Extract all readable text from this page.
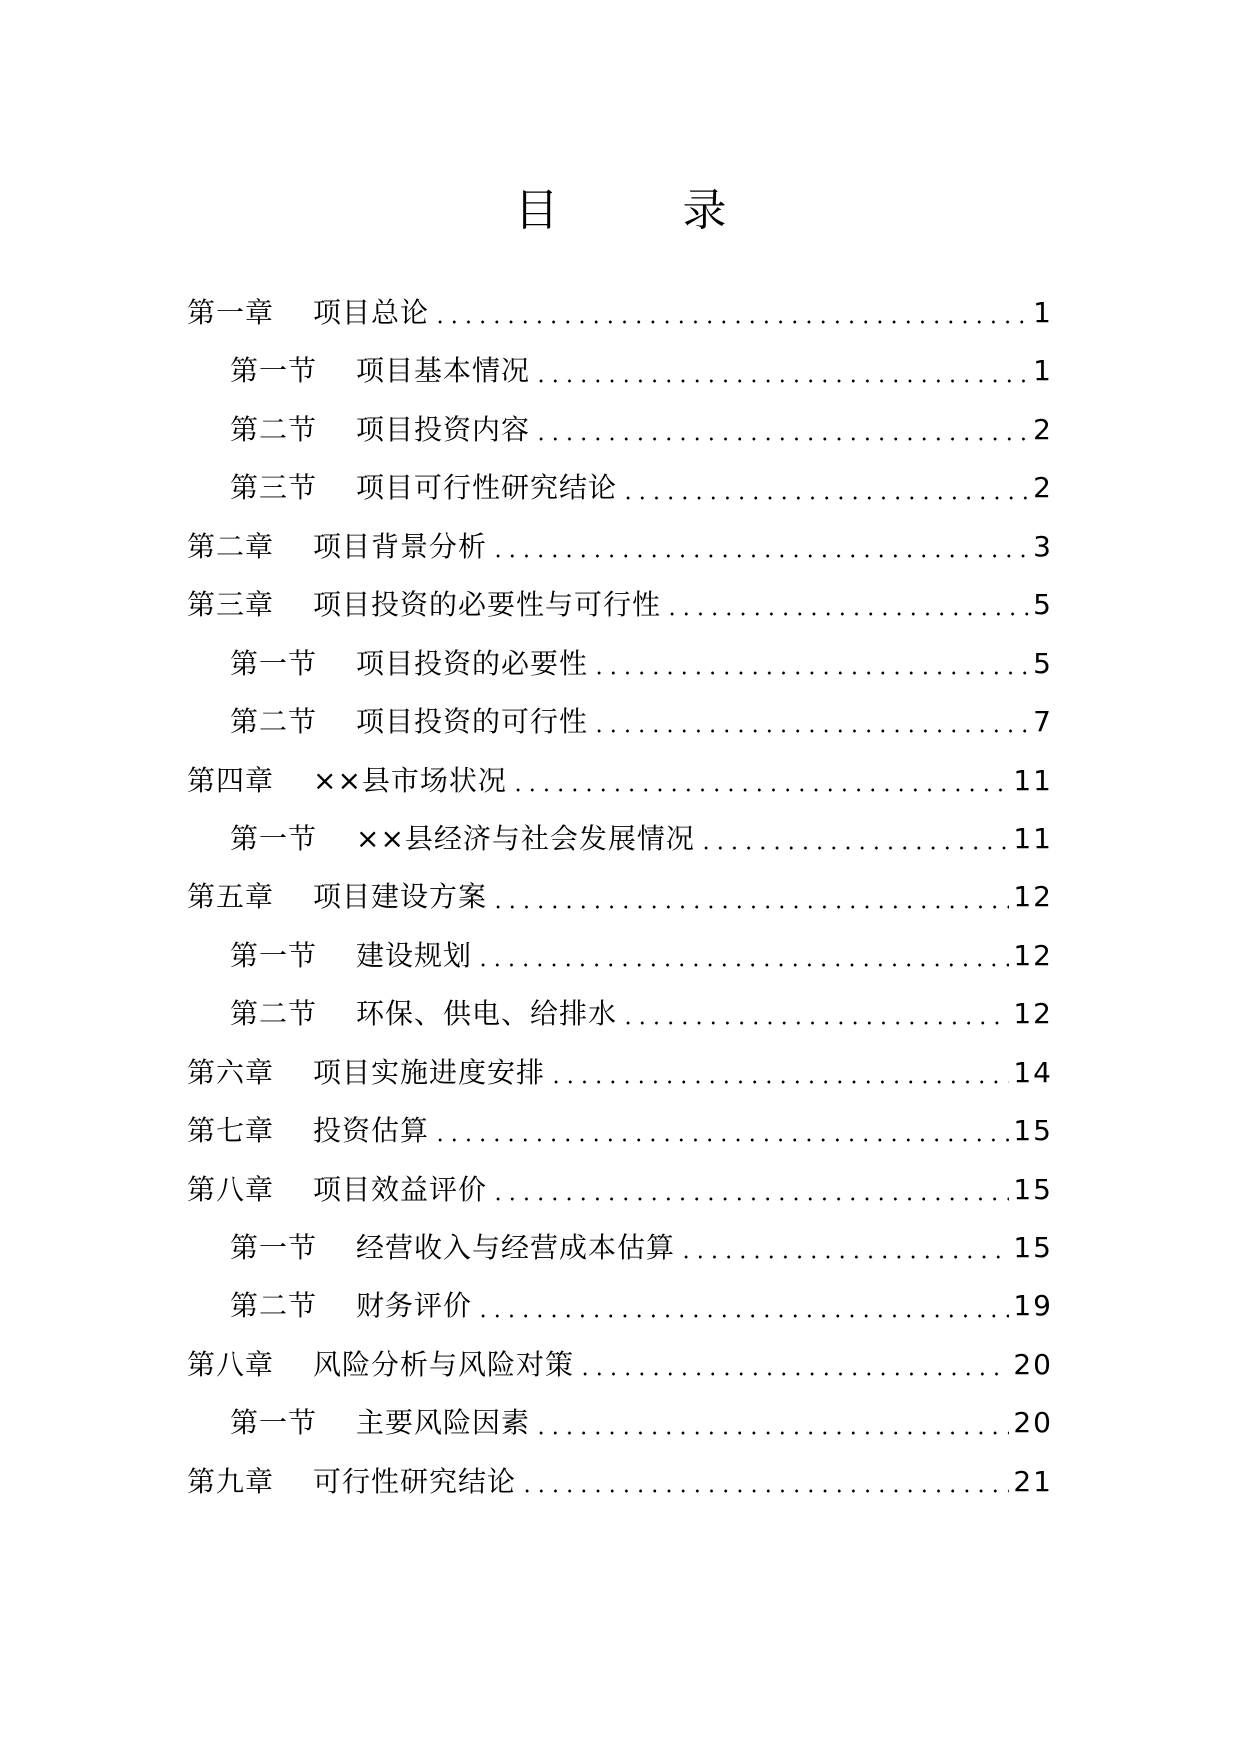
目　录
第一章	项目总论	1
第一节	项目基本情况	1
第二节	项目投资内容	2
第三节	项目可行性研究结论	2
第二章	项目背景分析	3
第三章	项目投资的必要性与可行性	5
第一节	项目投资的必要性	5
第二节	项目投资的可行性	7
第四章	××县市场状况	11
第一节	××县经济与社会发展情况	11
第五章	项目建设方案	12
第一节	建设规划	12
第二节	环保、供电、给排水	12
第六章	项目实施进度安排	14
第七章	投资估算	15
第八章	项目效益评价	15
第一节	经营收入与经营成本估算	15
第二节	财务评价	19
第八章	风险分析与风险对策	20
第一节	主要风险因素	20
第九章	可行性研究结论	21
